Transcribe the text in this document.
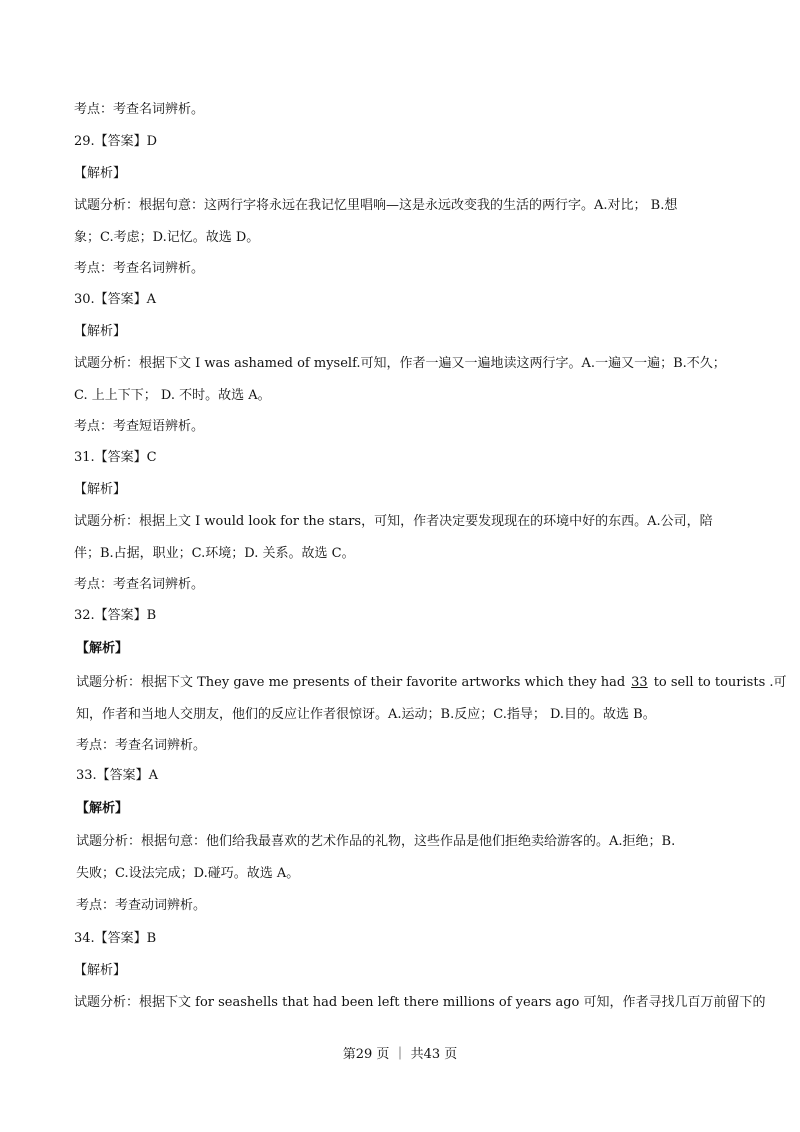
考点：考查名词辨析。
29.【答案】D
【解析】
试题分析：根据句意：这两行字将永远在我记忆里唱响—这是永远改变我的生活的两行字。A.对比； B.想
象；C.考虑；D.记忆。故选 D。
考点：考查名词辨析。
30.【答案】A
【解析】
试题分析：根据下文 I was ashamed of myself.可知，作者一遍又一遍地读这两行字。A.一遍又一遍；B.不久；
C. 上上下下； D. 不时。故选 A。
考点：考查短语辨析。
31.【答案】C
【解析】
试题分析：根据上文 I would look for the stars，可知，作者决定要发现现在的环境中好的东西。A.公司，陪
伴；B.占据，职业；C.环境；D. 关系。故选 C。
考点：考查名词辨析。
32.【答案】B
【解析】
试题分析：根据下文 They gave me presents of their favorite artworks which they had 33 to sell to tourists .可
知，作者和当地人交朋友，他们的反应让作者很惊讶。A.运动；B.反应；C.指导； D.目的。故选 B。
考点：考查名词辨析。
33.【答案】A
【解析】
试题分析：根据句意：他们给我最喜欢的艺术作品的礼物，这些作品是他们拒绝卖给游客的。A.拒绝；B.
失败；C.设法完成；D.碰巧。故选 A。
考点：考查动词辨析。
34.【答案】B
【解析】
试题分析：根据下文 for seashells that had been left there millions of years ago 可知，作者寻找几百万前留下的
第29 页 ｜ 共43 页
